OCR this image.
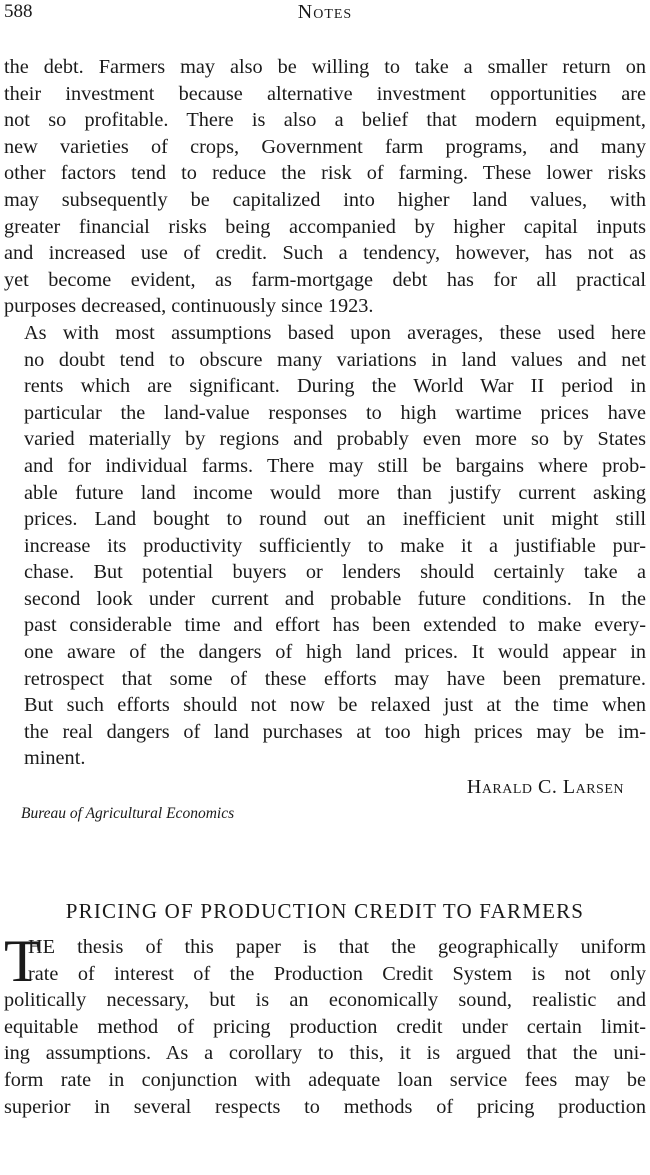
588	Notes

the debt. Farmers may also be willing to take a smaller return on
their investment because alternative investment opportunities are
not so profitable. There is also a belief that modern equipment,
new varieties of crops, Government farm programs, and many
other factors tend to reduce the risk of farming. These lower risks
may subsequently be capitalized into higher land values, with
greater financial risks being accompanied by higher capital inputs
and increased use of credit. Such a tendency, however, has not as
yet become evident, as farm-mortgage debt has for all practical
purposes decreased, continuously since 1923.

As with most assumptions based upon averages, these used here
no doubt tend to obscure many variations in land values and net
rents which are significant. During the World War II period in
particular the land-value responses to high wartime prices have
varied materially by regions and probably even more so by States
and for individual farms. There may still be bargains where prob-
able future land income would more than justify current asking
prices. Land bought to round out an inefficient unit might still
increase its productivity sufficiently to make it a justifiable pur-
chase. But potential buyers or lenders should certainly take a
second look under current and probable future conditions. In the
past considerable time and effort has been extended to make every-
one aware of the dangers of high land prices. It would appear in
retrospect that some of these efforts may have been premature.
But such efforts should not now be relaxed just at the time when
the real dangers of land purchases at too high prices may be im-
minent.

Harald C. Larsen
Bureau of Agricultural Economics
PRICING OF PRODUCTION CREDIT TO FARMERS
T
HE thesis of this paper is that the geographically uniform
rate of interest of the Production Credit System is not only
politically necessary, but is an economically sound, realistic and
equitable method of pricing production credit under certain limit-
ing assumptions. As a corollary to this, it is argued that the uni-
form rate in conjunction with adequate loan service fees may be
superior in several respects to methods of pricing production
